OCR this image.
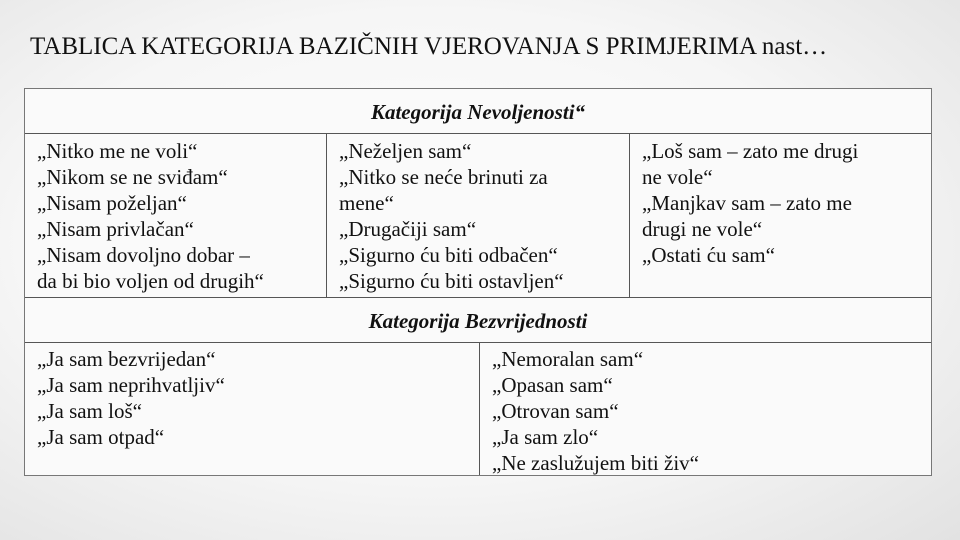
TABLICA KATEGORIJA BAZIČNIH VJEROVANJA S PRIMJERIMA nast…
Kategorija Nevoljenosti“
„Nitko me ne voli“
„Nikom se ne sviđam“
„Nisam poželjan“
„Nisam privlačan“
„Nisam dovoljno dobar –
da bi bio voljen od drugih“
„Neželjen sam“
„Nitko se neće brinuti za
mene“
„Drugačiji sam“
„Sigurno ću biti odbačen“
„Sigurno ću biti ostavljen“
„Loš sam – zato me drugi
ne vole“
„Manjkav sam – zato me
drugi ne vole“
„Ostati ću sam“
Kategorija Bezvrijednosti
„Ja sam bezvrijedan“
„Ja sam neprihvatljiv“
„Ja sam loš“
„Ja sam otpad“
„Nemoralan sam“
„Opasan sam“
„Otrovan sam“
„Ja sam zlo“
„Ne zaslužujem biti živ“
